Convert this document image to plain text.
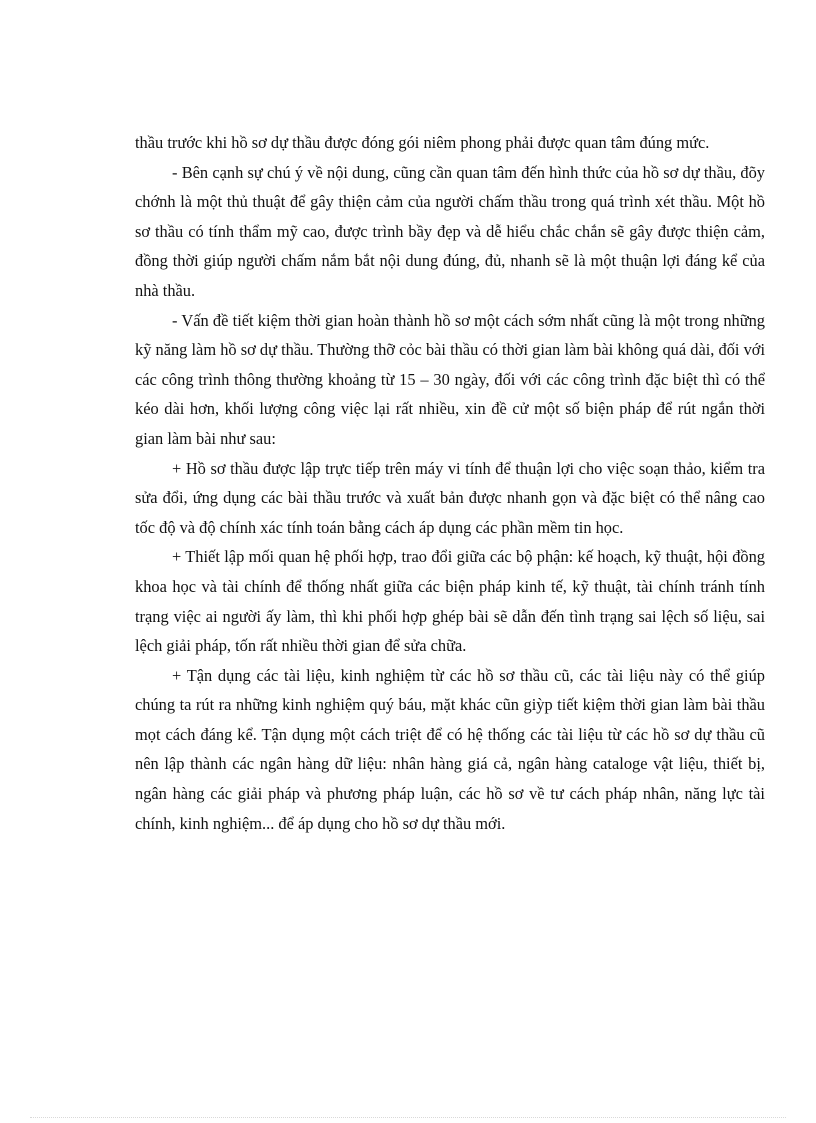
thầu trước khi hồ sơ dự thầu được đóng gói niêm phong phải được quan tâm đúng mức.

- Bên cạnh sự chú ý về nội dung, cũng cần quan tâm đến hình thức của hồ sơ dự thầu, đõy chớnh là một thủ thuật để gây thiện cảm của người chấm thầu trong quá trình xét thầu. Một hồ sơ thầu có tính thẩm mỹ cao, được trình bầy đẹp và dễ hiểu chắc chắn sẽ gây được thiện cảm, đồng thời giúp người chấm nắm bắt nội dung đúng, đủ, nhanh sẽ là một thuận lợi đáng kể của nhà thầu.

- Vấn đề tiết kiệm thời gian hoàn thành hồ sơ một cách sớm nhất cũng là một trong những kỹ năng làm hồ sơ dự thầu. Thường thỡ cỏc bài thầu có thời gian làm bài không quá dài, đối với các công trình thông thường khoảng từ 15 – 30 ngày, đối với các công trình đặc biệt thì có thể kéo dài hơn, khối lượng công việc lại rất nhiều, xin đề cử một số biện pháp để rút ngắn thời gian làm bài như sau:

+ Hồ sơ thầu được lập trực tiếp trên máy vi tính để thuận lợi cho việc soạn thảo, kiểm tra sửa đổi, ứng dụng các bài thầu trước và xuất bản được nhanh gọn và đặc biệt có thể nâng cao tốc độ và độ chính xác tính toán bằng cách áp dụng các phần mềm tin học.

+ Thiết lập mối quan hệ phối hợp, trao đổi giữa các bộ phận: kế hoạch, kỹ thuật, hội đồng khoa học và tài chính để thống nhất giữa các biện pháp kinh tế, kỹ thuật, tài chính tránh tính trạng việc ai người ấy làm, thì khi phối hợp ghép bài sẽ dẫn đến tình trạng sai lệch số liệu, sai lệch giải pháp, tốn rất nhiều thời gian để sửa chữa.

+ Tận dụng các tài liệu, kinh nghiệm từ các hồ sơ thầu cũ, các tài liệu này có thể giúp chúng ta rút ra những kinh nghiệm quý báu, mặt khác cũn giỳp tiết kiệm thời gian làm bài thầu mọt cách đáng kể. Tận dụng một cách triệt để có hệ thống các tài liệu từ các hồ sơ dự thầu cũ nên lập thành các ngân hàng dữ liệu: nhân hàng giá cả, ngân hàng cataloge vật liệu, thiết bị, ngân hàng các giải pháp và phương pháp luận, các hồ sơ về tư cách pháp nhân, năng lực tài chính, kinh nghiệm... để áp dụng cho hồ sơ dự thầu mới.
